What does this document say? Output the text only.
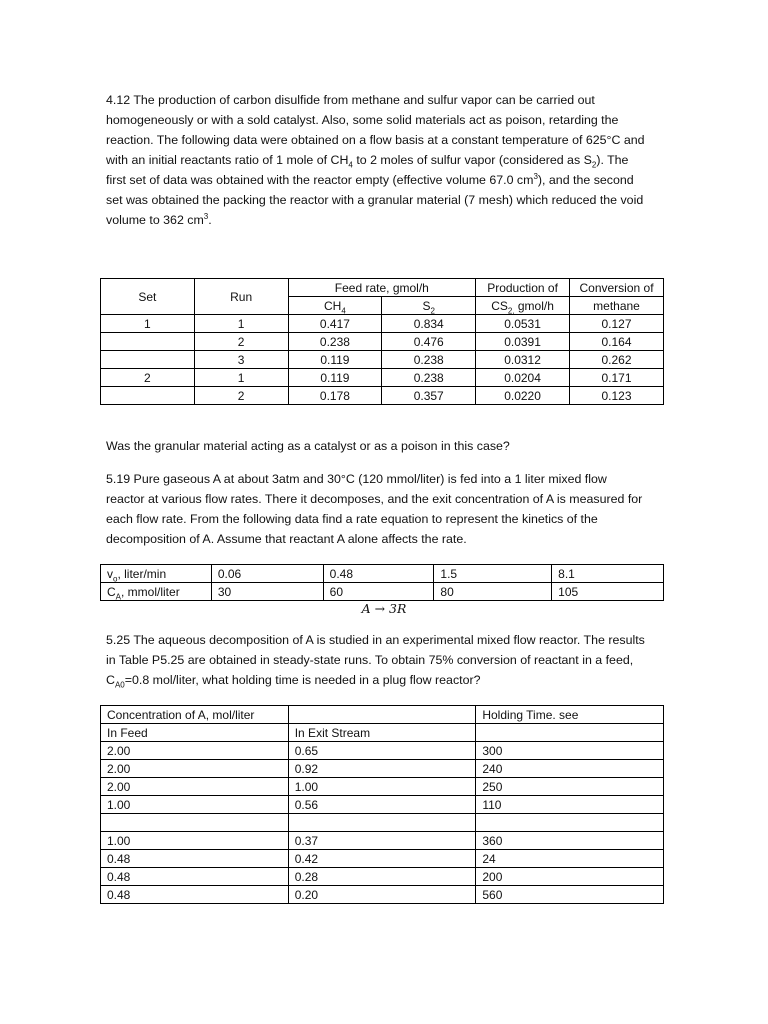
4.12 The production of carbon disulfide from methane and sulfur vapor can be carried out
homogeneously or with a sold catalyst. Also, some solid materials act as poison, retarding the
reaction. The following data were obtained on a flow basis at a constant temperature of 625°C and
with an initial reactants ratio of 1 mole of $CH_4$ to 2 moles of sulfur vapor (considered as $S_2$). The
first set of data was obtained with the reactor empty (effective volume 67.0 $cm^3$), and the second
set was obtained the packing the reactor with a granular material (7 mesh) which reduced the void
volume to 362 $cm^3$.

Set	Run	Feed rate, gmol/h		Production of	Conversion of
		$CH_4$	$S_2$	$CS_{2,}$ gmol/h	methane
1	1	0.417	0.834	0.0531	0.127
	2	0.238	0.476	0.0391	0.164
	3	0.119	0.238	0.0312	0.262
2	1	0.119	0.238	0.0204	0.171
	2	0.178	0.357	0.0220	0.123

Was the granular material acting as a catalyst or as a poison in this case?

5.19 Pure gaseous A at about 3atm and 30°C (120 mmol/liter) is fed into a 1 liter mixed flow
reactor at various flow rates. There it decomposes, and the exit concentration of A is measured for
each flow rate. From the following data find a rate equation to represent the kinetics of the
decomposition of A. Assume that reactant A alone affects the rate.

$v_o$, liter/min	0.06	0.48	1.5	8.1
$C_A$, mmol/liter	30	60	80	105
A → 3R

5.25 The aqueous decomposition of A is studied in an experimental mixed flow reactor. The results
in Table P5.25 are obtained in steady-state runs. To obtain 75% conversion of reactant in a feed,
$C_{A0}=0.8$ mol/liter, what holding time is needed in a plug flow reactor?

Concentration of A, mol/liter		Holding Time. see
In Feed	In Exit Stream	
2.00	0.65	300
2.00	0.92	240
2.00	1.00	250
1.00	0.56	110

1.00	0.37	360
0.48	0.42	24
0.48	0.28	200
0.48	0.20	560
